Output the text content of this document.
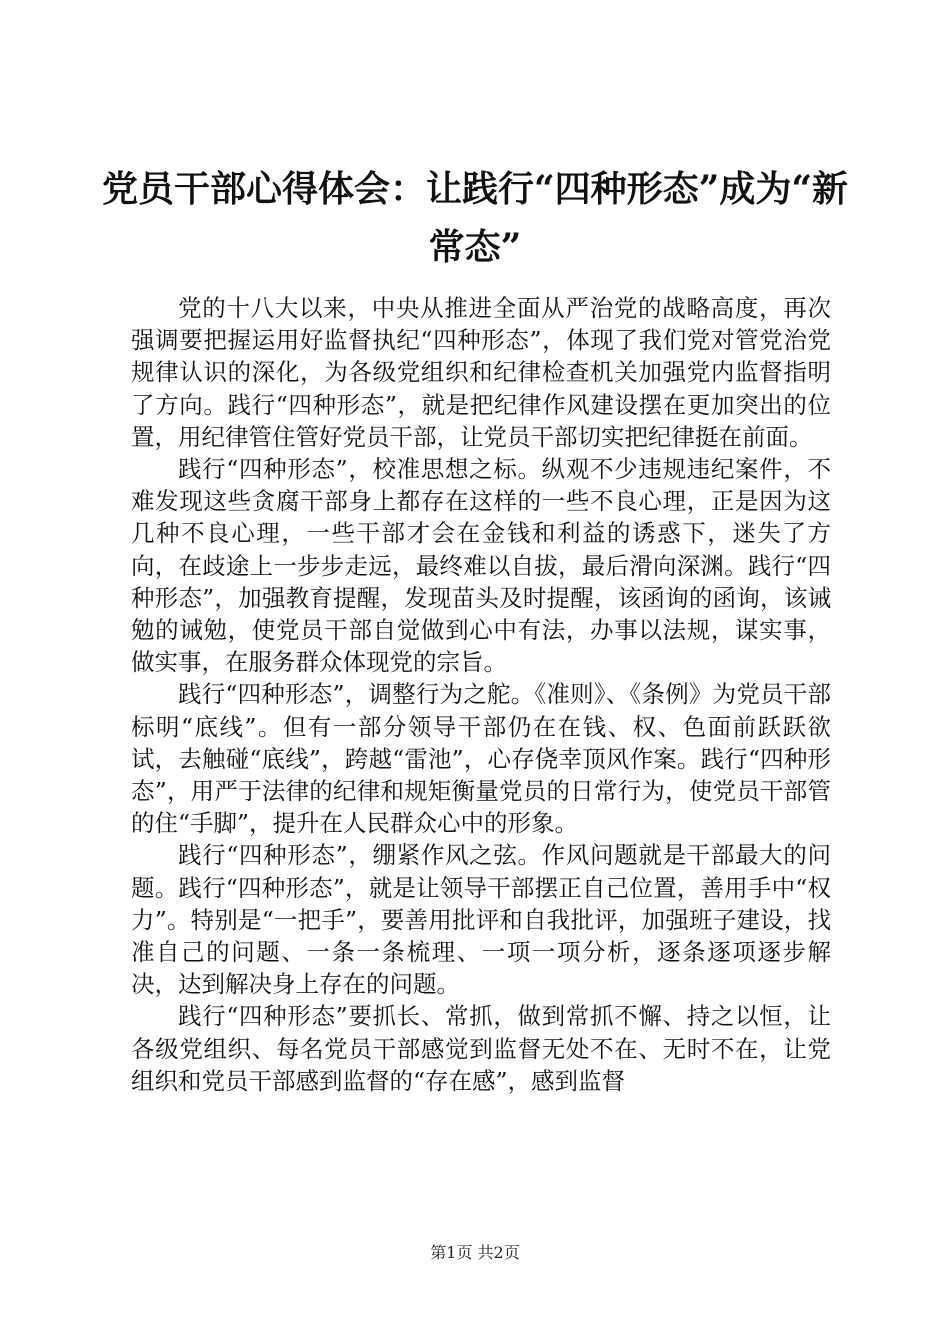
党员干部心得体会：让践行“四种形态”成为“新常态”

党的十八大以来，中央从推进全面从严治党的战略高度，再次强调要把握运用好监督执纪“四种形态”，体现了我们党对管党治党规律认识的深化，为各级党组织和纪律检查机关加强党内监督指明了方向。践行“四种形态”，就是把纪律作风建设摆在更加突出的位置，用纪律管住管好党员干部，让党员干部切实把纪律挺在前面。

践行“四种形态”，校准思想之标。纵观不少违规违纪案件，不难发现这些贪腐干部身上都存在这样的一些不良心理，正是因为这几种不良心理，一些干部才会在金钱和利益的诱惑下，迷失了方向，在歧途上一步步走远，最终难以自拔，最后滑向深渊。践行“四种形态”，加强教育提醒，发现苗头及时提醒，该函询的函询，该诫勉的诫勉，使党员干部自觉做到心中有法，办事以法规，谋实事，做实事，在服务群众体现党的宗旨。

践行“四种形态”，调整行为之舵。《准则》、《条例》为党员干部标明“底线”。但有一部分领导干部仍在在钱、权、色面前跃跃欲试，去触碰“底线”，跨越“雷池”，心存侥幸顶风作案。践行“四种形态”，用严于法律的纪律和规矩衡量党员的日常行为，使党员干部管的住“手脚”，提升在人民群众心中的形象。

践行“四种形态”，绷紧作风之弦。作风问题就是干部最大的问题。践行“四种形态”，就是让领导干部摆正自己位置，善用手中“权力”。特别是“一把手”，要善用批评和自我批评，加强班子建设，找准自己的问题、一条一条梳理、一项一项分析，逐条逐项逐步解决，达到解决身上存在的问题。

践行“四种形态”要抓长、常抓，做到常抓不懈、持之以恒，让各级党组织、每名党员干部感觉到监督无处不在、无时不在，让党组织和党员干部感到监督的“存在感”，感到监督

第1页 共2页
